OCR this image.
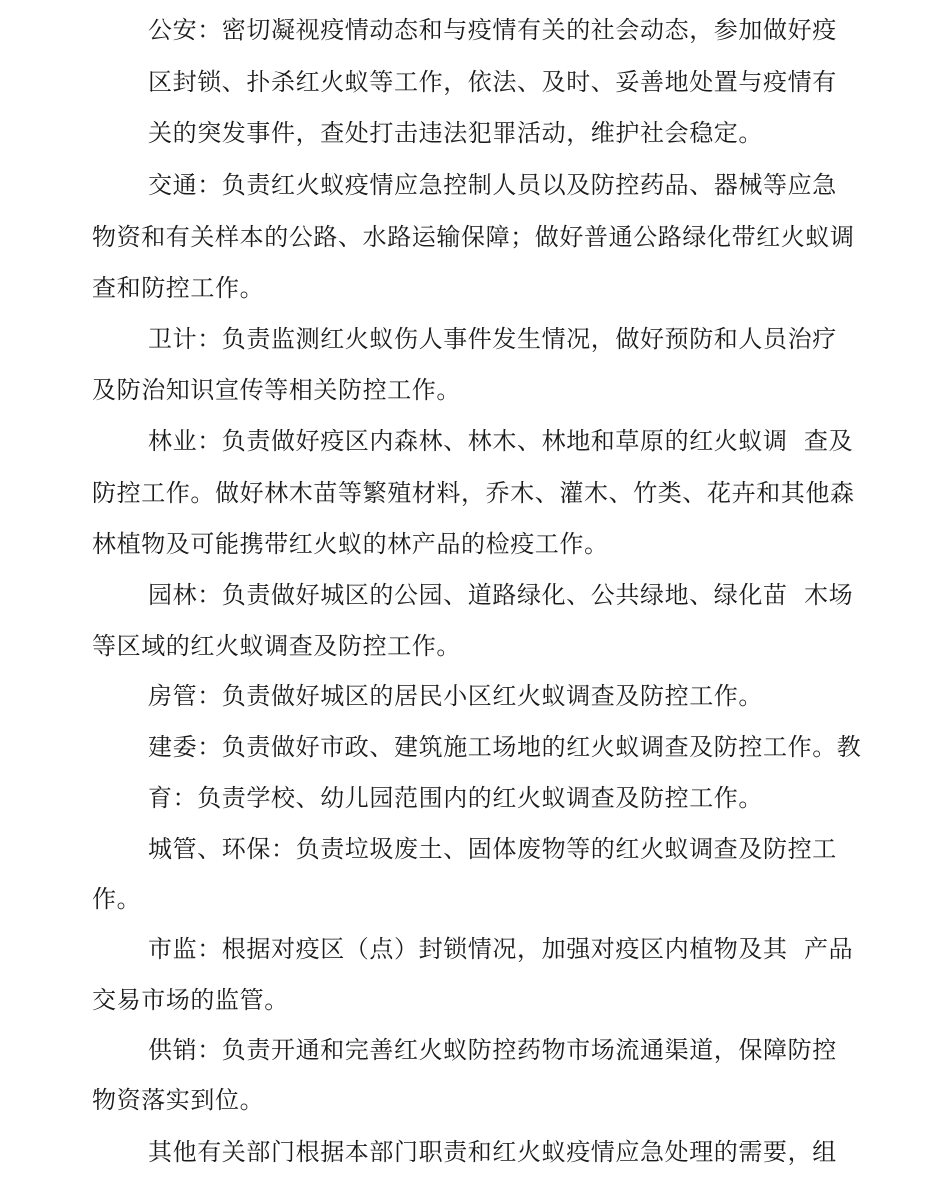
公安：密切凝视疫情动态和与疫情有关的社会动态，参加做好疫
区封锁、扑杀红火蚁等工作，依法、及时、妥善地处置与疫情有
关的突发事件，查处打击违法犯罪活动，维护社会稳定。
交通：负责红火蚁疫情应急控制人员以及防控药品、器械等应急
物资和有关样本的公路、水路运输保障；做好普通公路绿化带红火蚁调
查和防控工作。
卫计：负责监测红火蚁伤人事件发生情况，做好预防和人员治疗
及防治知识宣传等相关防控工作。
林业：负责做好疫区内森林、林木、林地和草原的红火蚁调  查及
防控工作。做好林木苗等繁殖材料，乔木、灌木、竹类、花卉和其他森
林植物及可能携带红火蚁的林产品的检疫工作。
园林：负责做好城区的公园、道路绿化、公共绿地、绿化苗  木场
等区域的红火蚁调查及防控工作。
房管：负责做好城区的居民小区红火蚁调查及防控工作。
建委：负责做好市政、建筑施工场地的红火蚁调查及防控工作。教
育：负责学校、幼儿园范围内的红火蚁调查及防控工作。
城管、环保：负责垃圾废土、固体废物等的红火蚁调查及防控工
作。
市监：根据对疫区（点）封锁情况，加强对疫区内植物及其  产品
交易市场的监管。
供销：负责开通和完善红火蚁防控药物市场流通渠道，保障防控
物资落实到位。
其他有关部门根据本部门职责和红火蚁疫情应急处理的需要，组
